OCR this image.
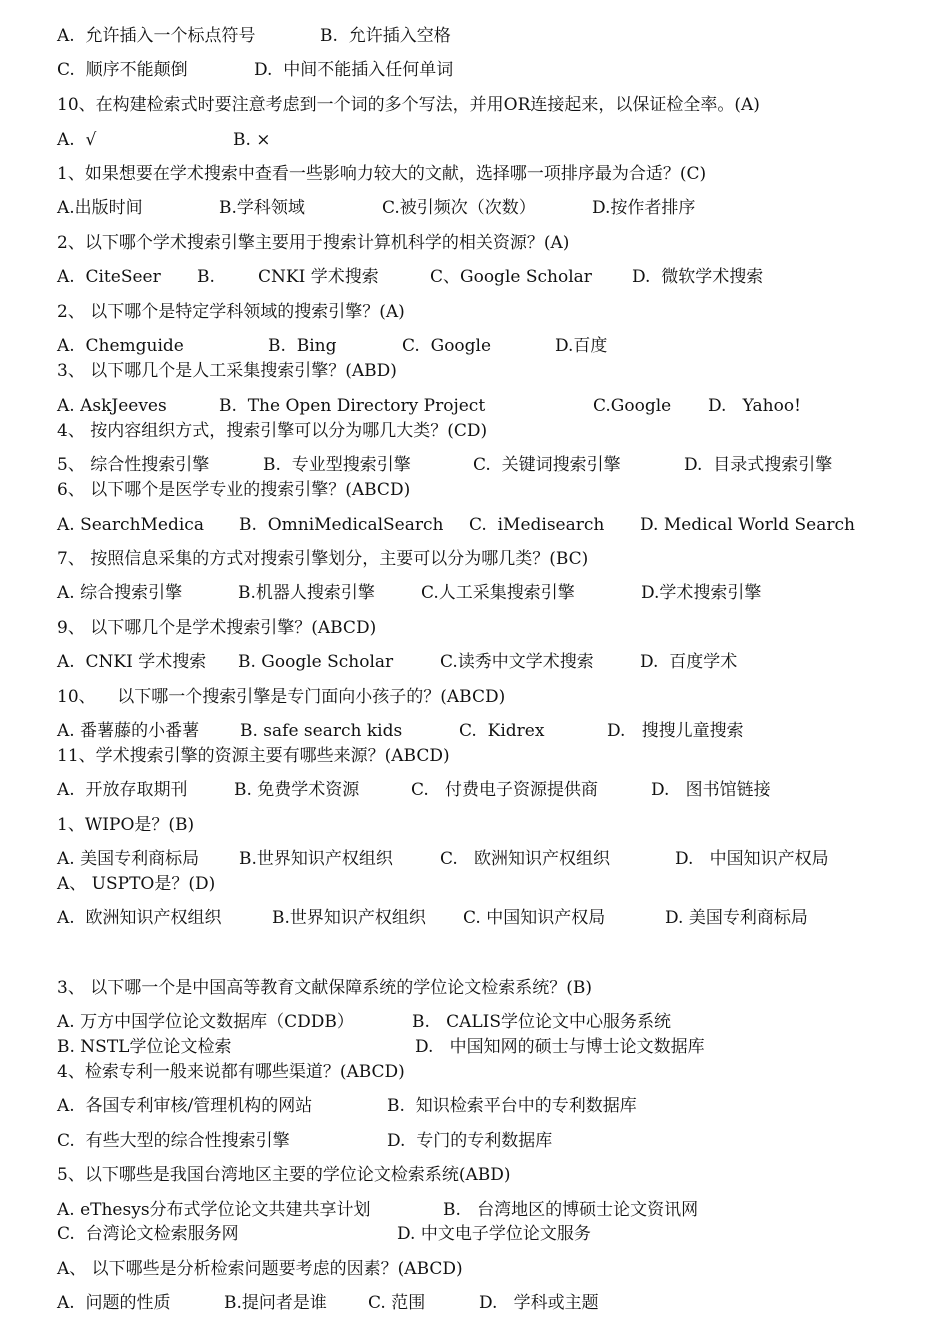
A.  允许插入一个标点符号	B.  允许插入空格
C.  顺序不能颠倒	D.  中间不能插入任何单词
10、在构建检索式时要注意考虑到一个词的多个写法，并用OR连接起来，以保证检全率。(A)
A.  √	B. ×
1、如果想要在学术搜索中查看一些影响力较大的文献，选择哪一项排序最为合适？(C)
A.出版时间	B.学科领域	C.被引频次（次数）	D.按作者排序
2、以下哪个学术搜索引擎主要用于搜索计算机科学的相关资源？(A)
A.  CiteSeer B.	CNKI 学术搜索	C、Google Scholar D.  微软学术搜索
2、 以下哪个是特定学科领域的搜索引擎？(A)
A.  Chemguide	B.  Bing	C.  Google	D.百度
3、 以下哪几个是人工采集搜索引擎？(ABD)
A. AskJeeves	B.  The Open Directory Project	C.Google D.   Yahoo!
4、 按内容组织方式，搜索引擎可以分为哪几大类？(CD)
5、 综合性搜索引擎	B.  专业型搜索引擎	C.  关键词搜索引擎	D.  目录式搜索引擎
6、 以下哪个是医学专业的搜索引擎？(ABCD)
A. SearchMedica B.  OmniMedicalSearch C.  iMedisearch D. Medical World Search
7、 按照信息采集的方式对搜索引擎划分，主要可以分为哪几类？(BC)
A. 综合搜索引擎	B.机器人搜索引擎	C.人工采集搜索引擎	D.学术搜索引擎
9、 以下哪几个是学术搜索引擎？(ABCD)
A.  CNKI 学术搜索 B. Google Scholar	C.读秀中文学术搜索	D.  百度学术
10、    以下哪一个搜索引擎是专门面向小孩子的？(ABCD)
A. 番薯藤的小番薯 B. safe search kids	C.  Kidrex	D.   搜搜儿童搜索
11、学术搜索引擎的资源主要有哪些来源？(ABCD)
A.  开放存取期刊	B. 免费学术资源	C.   付费电子资源提供商	D.   图书馆链接
1、WIPO是？(B)
A. 美国专利商标局 B.世界知识产权组织	C.   欧洲知识产权组织	D.   中国知识产权局
A、 USPTO是？(D)
A.  欧洲知识产权组织	B.世界知识产权组织 C. 中国知识产权局	D. 美国专利商标局
3、 以下哪一个是中国高等教育文献保障系统的学位论文检索系统？(B)
A. 万方中国学位论文数据库（CDDB）	B.   CALIS学位论文中心服务系统
B. NSTL学位论文检索	D.   中国知网的硕士与博士论文数据库
4、检索专利一般来说都有哪些渠道？(ABCD)
A.  各国专利审核/管理机构的网站	B.  知识检索平台中的专利数据库
C.  有些大型的综合性搜索引擎	D.  专门的专利数据库
5、以下哪些是我国台湾地区主要的学位论文检索系统(ABD)
A. eThesys分布式学位论文共建共享计划	B.   台湾地区的博硕士论文资讯网
C.  台湾论文检索服务网	D. 中文电子学位论文服务
A、 以下哪些是分析检索问题要考虑的因素？(ABCD)
A.  问题的性质	B.提问者是谁 C. 范围	D.   学科或主题
